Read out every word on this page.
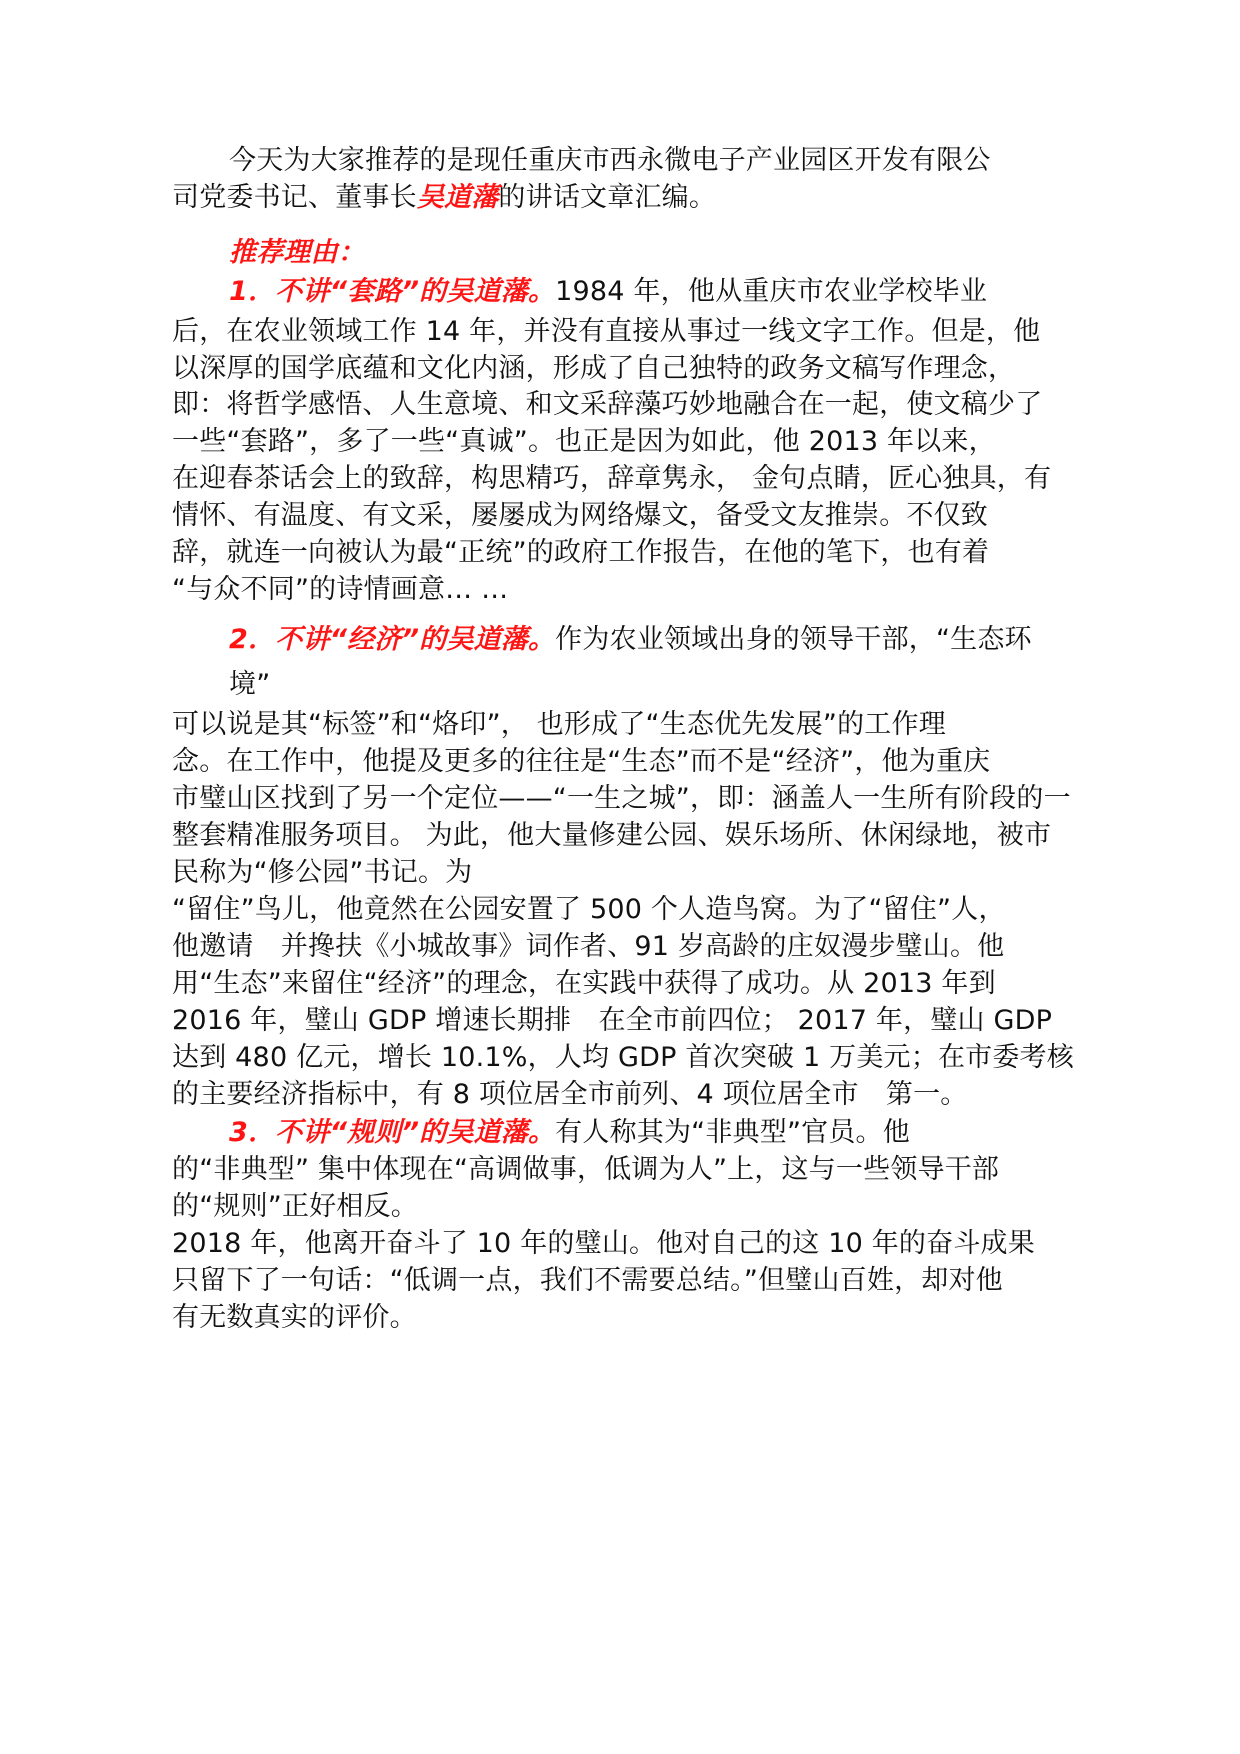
今天为大家推荐的是现任重庆市西永微电子产业园区开发有限公
司党委书记、董事长吴道藩的讲话文章汇编。
推荐理由：
1．不讲“套路”的吴道藩。1984 年，他从重庆市农业学校毕业
后，在农业领域工作 14 年，并没有直接从事过一线文字工作。但是，他
以深厚的国学底蕴和文化内涵，形成了自己独特的政务文稿写作理念，
即：将哲学感悟、人生意境、和文采辞藻巧妙地融合在一起，使文稿少了
一些“套路”，多了一些“真诚”。也正是因为如此，他 2013 年以来，
在迎春茶话会上的致辞，构思精巧，辞章隽永， 金句点睛，匠心独具，有
情怀、有温度、有文采，屡屡成为网络爆文，备受文友推崇。不仅致
辞，就连一向被认为最“正统”的政府工作报告，在他的笔下，也有着
“与众不同”的诗情画意… …
2．不讲“经济”的吴道藩。作为农业领域出身的领导干部，“生态环
境”
可以说是其“标签”和“烙印”， 也形成了“生态优先发展”的工作理
念。在工作中，他提及更多的往往是“生态”而不是“经济”，他为重庆
市璧山区找到了另一个定位——“一生之城”，即：涵盖人一生所有阶段的一
整套精准服务项目。 为此，他大量修建公园、娱乐场所、休闲绿地，被市
民称为“修公园”书记。为
“留住”鸟儿，他竟然在公园安置了 500 个人造鸟窝。为了“留住”人，
他邀请　并搀扶《小城故事》词作者、91 岁高龄的庄奴漫步璧山。他
用“生态”来留住“经济”的理念，在实践中获得了成功。从 2013 年到
2016 年，璧山 GDP 增速长期排　在全市前四位； 2017 年，璧山 GDP
达到 480 亿元，增长 10.1%，人均 GDP 首次突破 1 万美元；在市委考核
的主要经济指标中，有 8 项位居全市前列、4 项位居全市　第一。
3．不讲“规则”的吴道藩。有人称其为“非典型”官员。他
的“非典型” 集中体现在“高调做事，低调为人”上，这与一些领导干部
的“规则”正好相反。
2018 年，他离开奋斗了 10 年的璧山。他对自己的这 10 年的奋斗成果
只留下了一句话：“低调一点，我们不需要总结。”但璧山百姓，却对他
有无数真实的评价。
